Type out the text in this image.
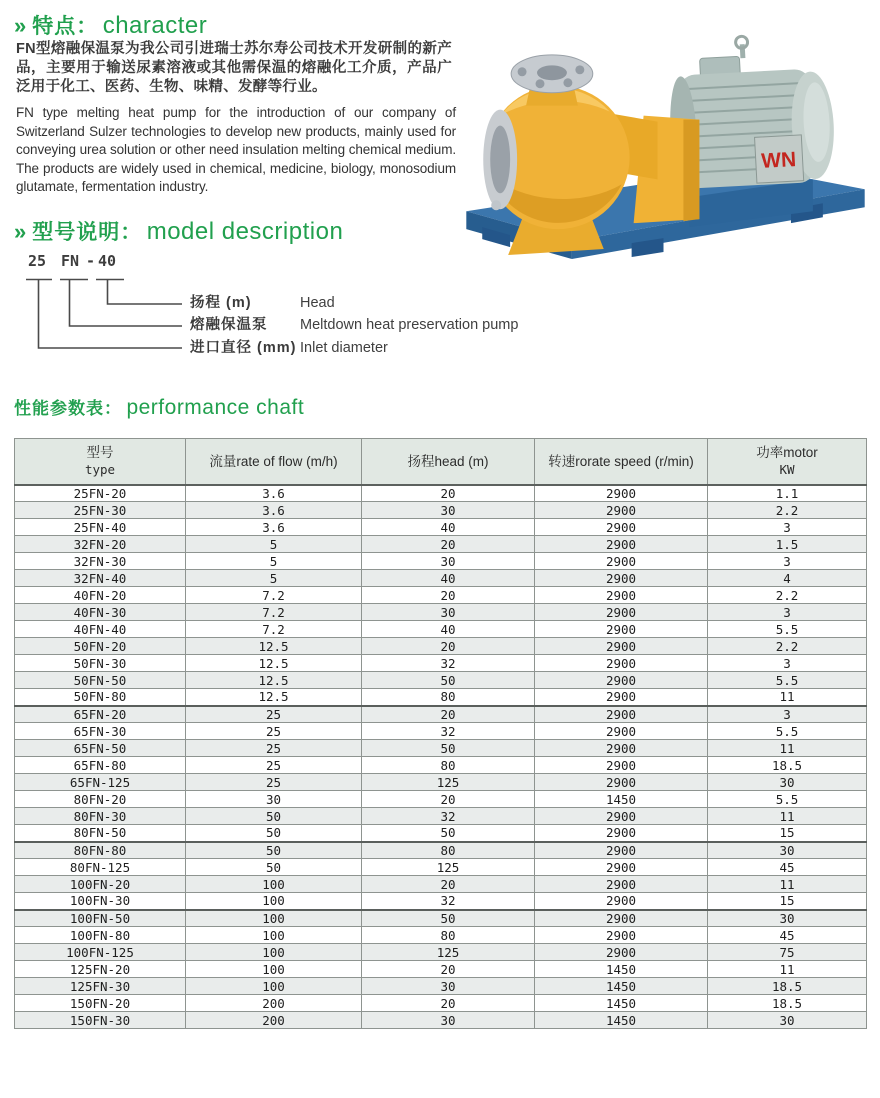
» 特点： character
FN型熔融保温泵为我公司引进瑞士苏尔寿公司技术开发研制的新产品，主要用于输送尿素溶液或其他需保温的熔融化工介质，产品广泛用于化工、医药、生物、味精、发酵等行业。
FN type melting heat pump for the introduction of our company of Switzerland Sulzer technologies to develop new products, mainly used for conveying urea solution or other need insulation melting chemical medium. The products are widely used in chemical, medicine, biology, monosodium glutamate, fermentation industry.
WN
» 型号说明： model description
25 FN - 40
扬程 (m)	Head
熔融保温泵 Meltdown heat preservation pump
进口直径 (mm) Inlet diameter
性能参数表： performance chaft
型号
type	流量rate of flow (m/h)	扬程head (m)	转速rorate speed (r/min)	功率motor
KW

25FN-20	3.6	20	2900	1.1
25FN-30	3.6	30	2900	2.2
25FN-40	3.6	40	2900	3
32FN-20	5	20	2900	1.5
32FN-30	5	30	2900	3
32FN-40	5	40	2900	4
40FN-20	7.2	20	2900	2.2
40FN-30	7.2	30	2900	3
40FN-40	7.2	40	2900	5.5
50FN-20	12.5	20	2900	2.2
50FN-30	12.5	32	2900	3
50FN-50	12.5	50	2900	5.5
50FN-80	12.5	80	2900	11
65FN-20	25	20	2900	3
65FN-30	25	32	2900	5.5
65FN-50	25	50	2900	11
65FN-80	25	80	2900	18.5
65FN-125	25	125	2900	30
80FN-20	30	20	1450	5.5
80FN-30	50	32	2900	11
80FN-50	50	50	2900	15
80FN-80	50	80	2900	30
80FN-125	50	125	2900	45
100FN-20	100	20	2900	11
100FN-30	100	32	2900	15
100FN-50	100	50	2900	30
100FN-80	100	80	2900	45
100FN-125	100	125	2900	75
125FN-20	100	20	1450	11
125FN-30	100	30	1450	18.5
150FN-20	200	20	1450	18.5
150FN-30	200	30	1450	30
